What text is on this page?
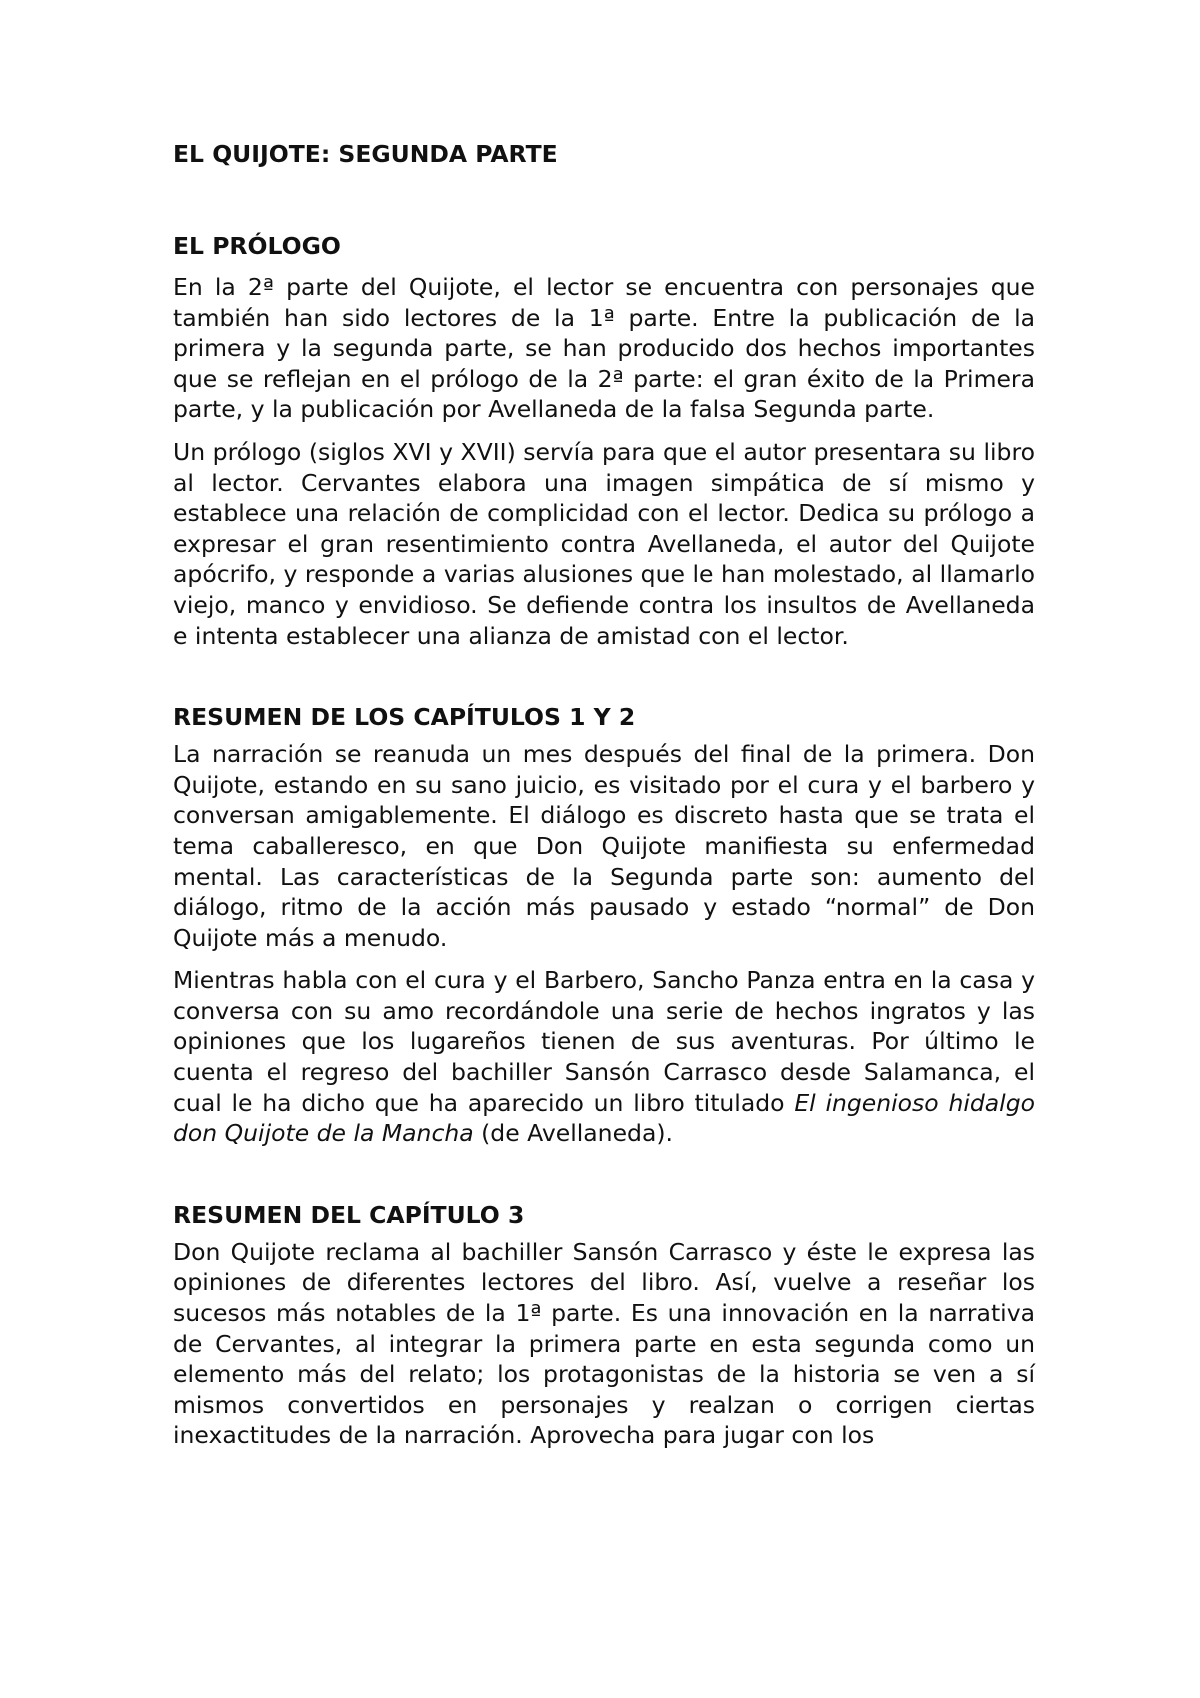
EL QUIJOTE: SEGUNDA PARTE
EL PRÓLOGO

En la 2ª parte del Quijote, el lector se encuentra con personajes que también han sido lectores de la 1ª parte. Entre la publicación de la primera y la segunda parte, se han producido dos hechos importantes que se reflejan en el prólogo de la 2ª parte: el gran éxito de la Primera parte, y la publicación por Avellaneda de la falsa Segunda parte.

Un prólogo (siglos XVI y XVII) servía para que el autor presentara su libro al lector. Cervantes elabora una imagen simpática de sí mismo y establece una relación de complicidad con el lector. Dedica su prólogo a expresar el gran resentimiento contra Avellaneda, el autor del Quijote apócrifo, y responde a varias alusiones que le han molestado, al llamarlo viejo, manco y envidioso. Se defiende contra los insultos de Avellaneda e intenta establecer una alianza de amistad con el lector.

RESUMEN DE LOS CAPÍTULOS 1 Y 2

La narración se reanuda un mes después del final de la primera. Don Quijote, estando en su sano juicio, es visitado por el cura y el barbero y conversan amigablemente. El diálogo es discreto hasta que se trata el tema caballeresco, en que Don Quijote manifiesta su enfermedad mental. Las características de la Segunda parte son: aumento del diálogo, ritmo de la acción más pausado y estado “normal” de Don Quijote más a menudo.

Mientras habla con el cura y el Barbero, Sancho Panza entra en la casa y conversa con su amo recordándole una serie de hechos ingratos y las opiniones que los lugareños tienen de sus aventuras. Por último le cuenta el regreso del bachiller Sansón Carrasco desde Salamanca, el cual le ha dicho que ha aparecido un libro titulado El ingenioso hidalgo don Quijote de la Mancha (de Avellaneda).

RESUMEN DEL CAPÍTULO 3

Don Quijote reclama al bachiller Sansón Carrasco y éste le expresa las opiniones de diferentes lectores del libro. Así, vuelve a reseñar los sucesos más notables de la 1ª parte. Es una innovación en la narrativa de Cervantes, al integrar la primera parte en esta segunda como un elemento más del relato; los protagonistas de la historia se ven a sí mismos convertidos en personajes y realzan o corrigen ciertas inexactitudes de la narración. Aprovecha para jugar con los
